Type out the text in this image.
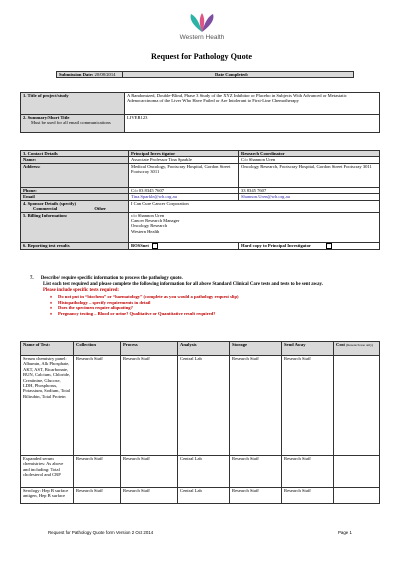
Western Health
Request for Pathology Quote
Submission Date: 20/08/2014	Date Completed:
1. Title of project/study	A Randomized, Double-Blind, Phase 3 Study of the XYZ Inhibitor or Placebo in Subjects With Advanced or Metastatic Adenocarcinoma of the Liver Who Have Failed or Are Intolerant to First-Line Chemotherapy

2. Summary/Short Title
Must be used for all email communications	LIVER123
3. Contact Details	Principal Inves tigator	Research Coordinator
Name:	Associate Professor Tina Sparkle	C/o Shannon Uren
Address:	Medical Oncology, Footscray Hospital, Gordon Street Footscray 3011	Oncology Research, Footscray Hospital, Gordon Street Footscray 3011
Phone:	C/o 03 8345 7607	33 8345 7607
Email	Tina.Sparkle@wh.org.au	Shannon.Uren@wh.org.au

4. Sponsor Details (specify)
Commercial Other	I Can Cure Cancer Corporation	
5. Billing Information:	c/o Shannon Uren
Cancer Research Manager
Oncology Research
Western Health	

6. Reporting test results	BOSSnet ×	Hard copy to Principal Investigator ×
7. Describe/ require specific information to process the pathology quote.
List each test required and please complete the following information for all above Standard Clinical Care tests and tests to be sent away.
Please include specific tests required:
♦ Do not put in “biochem” or “haematology” (complete as you would a pathology request slip)
♦ Histopathology – specify requirements in detail
♦ Does the specimen require aliquoting?
♦ Pregnancy testing – Blood or urine? Qualitative or Quantitative result required?
Name of Test:	Collection	Process	Analysis	Storage	Send Away	Cost (Research use only)
Serum chemistry panel: Albumin, Alk Phosphate, AKT, AST, Bicarbonate, BUN, Calcium, Chloride, Creatinine, Glucose, LDH, Phosphorus, Potassium, Sodium, Total Bilirubin, Total Protein	Research Staff	Research Staff	Central Lab	Research Staff	Research Staff	
Expanded serum chemistries: As above and including: Total cholesterol and CRP	Research Staff	Research Staff	Central Lab	Research Staff	Research Staff	
Serology: Hep B surface antigen, Hep B surface	Research Staff	Research Staff	Central Lab	Research Staff	Research Staff	
Request for Pathology Quote form Version 2 Oct 2014	Page 1
